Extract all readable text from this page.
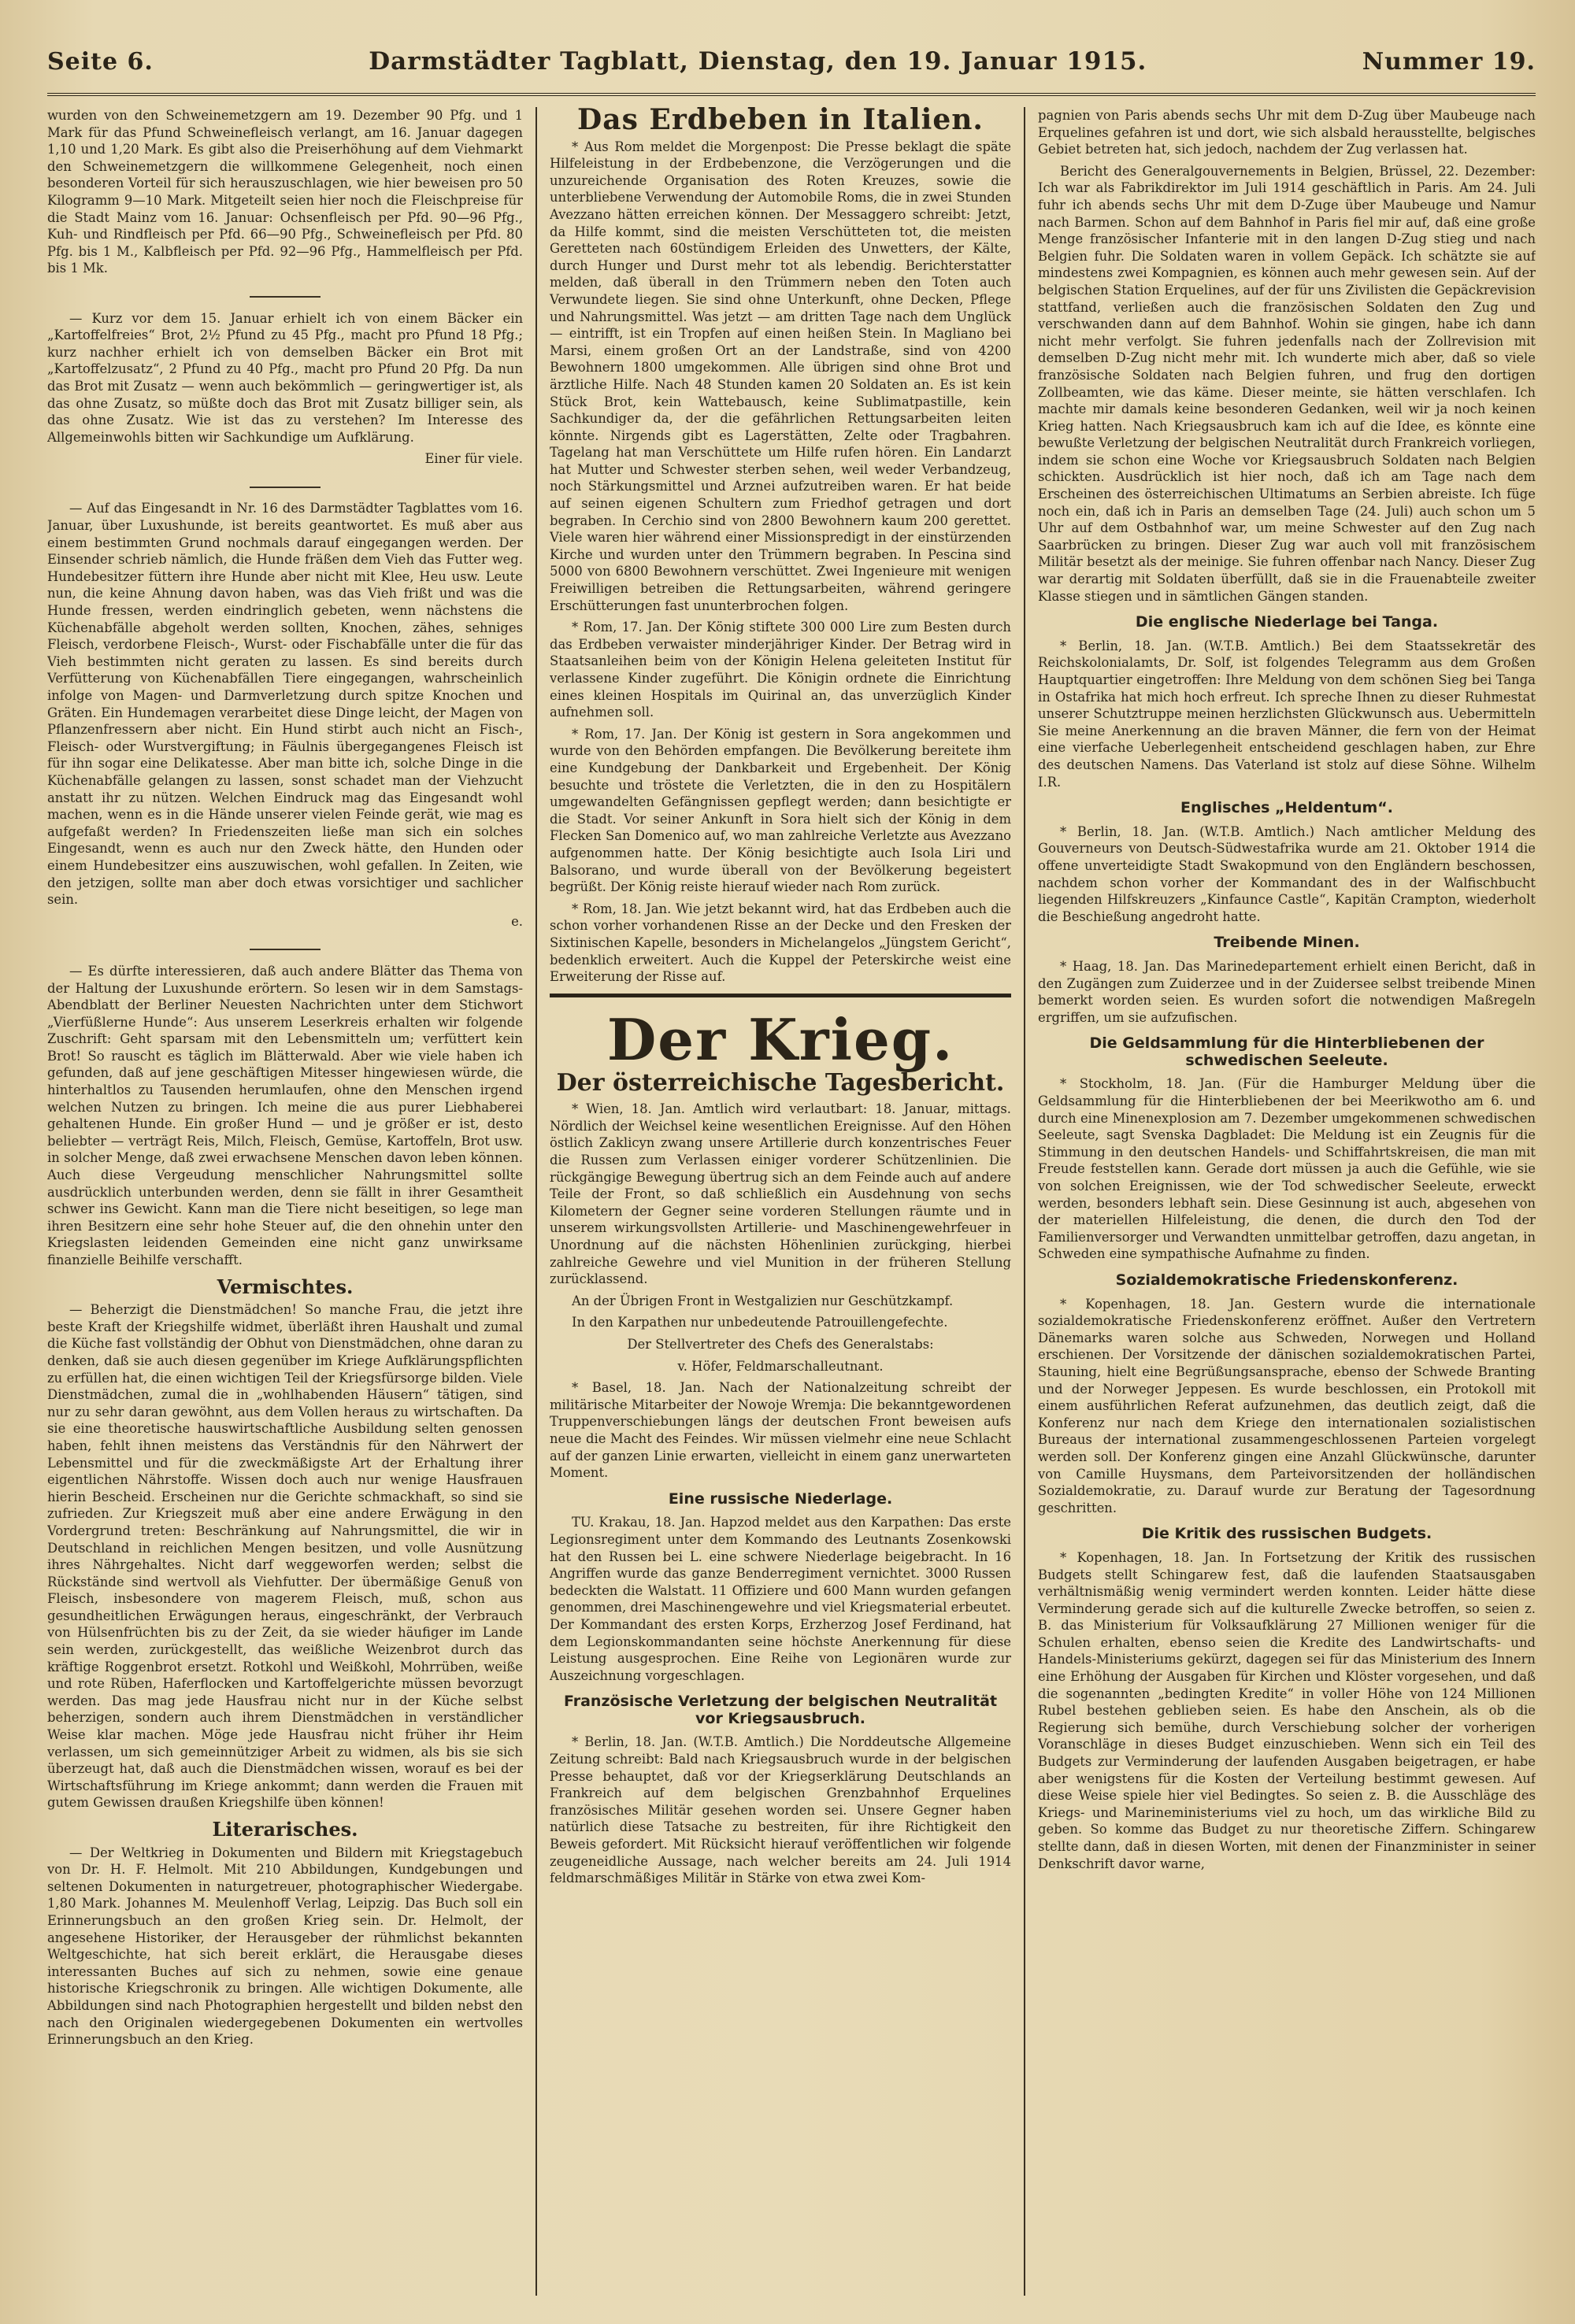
Seite 6.	Darmstädter Tagblatt, Dienstag, den 19. Januar 1915.	Nummer 19.

wurden von den Schweinemetzgern am 19. Dezember 90 Pfg. und 1 Mark für das Pfund Schweinefleisch verlangt, am 16. Januar dagegen 1,10 und 1,20 Mark. Es gibt also die Preiserhöhung auf dem Viehmarkt den Schweinemetzgern die willkommene Gelegenheit, noch einen besonderen Vorteil für sich herauszuschlagen, wie hier beweisen pro 50 Kilogramm 9—10 Mark. Mitgeteilt seien hier noch die Fleischpreise für die Stadt Mainz vom 16. Januar: Ochsenfleisch per Pfd. 90—96 Pfg., Kuh- und Rindfleisch per Pfd. 66—90 Pfg., Schweinefleisch per Pfd. 80 Pfg. bis 1 M., Kalbfleisch per Pfd. 92—96 Pfg., Hammelfleisch per Pfd. bis 1 Mk.

— Kurz vor dem 15. Januar erhielt ich von einem Bäcker ein „Kartoffelfreies“ Brot, 2½ Pfund zu 45 Pfg., macht pro Pfund 18 Pfg.; kurz nachher erhielt ich von demselben Bäcker ein Brot mit „Kartoffelzusatz“, 2 Pfund zu 40 Pfg., macht pro Pfund 20 Pfg. Da nun das Brot mit Zusatz — wenn auch bekömmlich — geringwertiger ist, als das ohne Zusatz, so müßte doch das Brot mit Zusatz billiger sein, als das ohne Zusatz. Wie ist das zu verstehen? Im Interesse des Allgemeinwohls bitten wir Sachkundige um Aufklärung.

Einer für viele.

— Auf das Eingesandt in Nr. 16 des Darmstädter Tagblattes vom 16. Januar, über Luxushunde, ist bereits geantwortet. Es muß aber aus einem bestimmten Grund nochmals darauf eingegangen werden. Der Einsender schrieb nämlich, die Hunde fräßen dem Vieh das Futter weg. Hundebesitzer füttern ihre Hunde aber nicht mit Klee, Heu usw. Leute nun, die keine Ahnung davon haben, was das Vieh frißt und was die Hunde fressen, werden eindringlich gebeten, wenn nächstens die Küchenabfälle abgeholt werden sollten, Knochen, zähes, sehniges Fleisch, verdorbene Fleisch-, Wurst- oder Fischabfälle unter die für das Vieh bestimmten nicht geraten zu lassen. Es sind bereits durch Verfütterung von Küchenabfällen Tiere eingegangen, wahrscheinlich infolge von Magen- und Darmverletzung durch spitze Knochen und Gräten. Ein Hundemagen verarbeitet diese Dinge leicht, der Magen von Pflanzenfressern aber nicht. Ein Hund stirbt auch nicht an Fisch-, Fleisch- oder Wurstvergiftung; in Fäulnis übergegangenes Fleisch ist für ihn sogar eine Delikatesse. Aber man bitte ich, solche Dinge in die Küchenabfälle gelangen zu lassen, sonst schadet man der Viehzucht anstatt ihr zu nützen. Welchen Eindruck mag das Eingesandt wohl machen, wenn es in die Hände unserer vielen Feinde gerät, wie mag es aufgefaßt werden? In Friedenszeiten ließe man sich ein solches Eingesandt, wenn es auch nur den Zweck hätte, den Hunden oder einem Hundebesitzer eins auszuwischen, wohl gefallen. In Zeiten, wie den jetzigen, sollte man aber doch etwas vorsichtiger und sachlicher sein.

e.

— Es dürfte interessieren, daß auch andere Blätter das Thema von der Haltung der Luxushunde erörtern. So lesen wir in dem Samstags-Abendblatt der Berliner Neuesten Nachrichten unter dem Stichwort „Vierfüßlerne Hunde“: Aus unserem Leserkreis erhalten wir folgende Zuschrift: Geht sparsam mit den Lebensmitteln um; verfüttert kein Brot! So rauscht es täglich im Blätterwald. Aber wie viele haben ich gefunden, daß auf jene geschäftigen Mitesser hingewiesen würde, die hinterhaltlos zu Tausenden herumlaufen, ohne den Menschen irgend welchen Nutzen zu bringen. Ich meine die aus purer Liebhaberei gehaltenen Hunde. Ein großer Hund — und je größer er ist, desto beliebter — verträgt Reis, Milch, Fleisch, Gemüse, Kartoffeln, Brot usw. in solcher Menge, daß zwei erwachsene Menschen davon leben können. Auch diese Vergeudung menschlicher Nahrungsmittel sollte ausdrücklich unterbunden werden, denn sie fällt in ihrer Gesamtheit schwer ins Gewicht. Kann man die Tiere nicht beseitigen, so lege man ihren Besitzern eine sehr hohe Steuer auf, die den ohnehin unter den Kriegslasten leidenden Gemeinden eine nicht ganz unwirksame finanzielle Beihilfe verschafft.

Vermischtes.

— Beherzigt die Dienstmädchen! So manche Frau, die jetzt ihre beste Kraft der Kriegshilfe widmet, überläßt ihren Haushalt und zumal die Küche fast vollständig der Obhut von Dienstmädchen, ohne daran zu denken, daß sie auch diesen gegenüber im Kriege Aufklärungspflichten zu erfüllen hat, die einen wichtigen Teil der Kriegsfürsorge bilden. Viele Dienstmädchen, zumal die in „wohlhabenden Häusern“ tätigen, sind nur zu sehr daran gewöhnt, aus dem Vollen heraus zu wirtschaften. Da sie eine theoretische hauswirtschaftliche Ausbildung selten genossen haben, fehlt ihnen meistens das Verständnis für den Nährwert der Lebensmittel und für die zweckmäßigste Art der Erhaltung ihrer eigentlichen Nährstoffe. Wissen doch auch nur wenige Hausfrauen hierin Bescheid. Erscheinen nur die Gerichte schmackhaft, so sind sie zufrieden. Zur Kriegszeit muß aber eine andere Erwägung in den Vordergrund treten: Beschränkung auf Nahrungsmittel, die wir in Deutschland in reichlichen Mengen besitzen, und volle Ausnützung ihres Nährgehaltes. Nicht darf weggeworfen werden; selbst die Rückstände sind wertvoll als Viehfutter. Der übermäßige Genuß von Fleisch, insbesondere von magerem Fleisch, muß, schon aus gesundheitlichen Erwägungen heraus, eingeschränkt, der Verbrauch von Hülsenfrüchten bis zu der Zeit, da sie wieder häufiger im Lande sein werden, zurückgestellt, das weißliche Weizenbrot durch das kräftige Roggenbrot ersetzt. Rotkohl und Weißkohl, Mohrrüben, weiße und rote Rüben, Haferflocken und Kartoffelgerichte müssen bevorzugt werden. Das mag jede Hausfrau nicht nur in der Küche selbst beherzigen, sondern auch ihrem Dienstmädchen in verständlicher Weise klar machen. Möge jede Hausfrau nicht früher ihr Heim verlassen, um sich gemeinnütziger Arbeit zu widmen, als bis sie sich überzeugt hat, daß auch die Dienstmädchen wissen, worauf es bei der Wirtschaftsführung im Kriege ankommt; dann werden die Frauen mit gutem Gewissen draußen Kriegshilfe üben können!

Literarisches.

— Der Weltkrieg in Dokumenten und Bildern mit Kriegstagebuch von Dr. H. F. Helmolt. Mit 210 Abbildungen, Kundgebungen und seltenen Dokumenten in naturgetreuer, photographischer Wiedergabe. 1,80 Mark. Johannes M. Meulenhoff Verlag, Leipzig. Das Buch soll ein Erinnerungsbuch an den großen Krieg sein. Dr. Helmolt, der angesehene Historiker, der Herausgeber der rühmlichst bekannten Weltgeschichte, hat sich bereit erklärt, die Herausgabe dieses interessanten Buches auf sich zu nehmen, sowie eine genaue historische Kriegschronik zu bringen. Alle wichtigen Dokumente, alle Abbildungen sind nach Photographien hergestellt und bilden nebst den nach den Originalen wiedergegebenen Dokumenten ein wertvolles Erinnerungsbuch an den Krieg.

Das Erdbeben in Italien.

* Aus Rom meldet die Morgenpost: Die Presse beklagt die späte Hilfeleistung in der Erdbebenzone, die Verzögerungen und die unzureichende Organisation des Roten Kreuzes, sowie die unterbliebene Verwendung der Automobile Roms, die in zwei Stunden Avezzano hätten erreichen können. Der Messaggero schreibt: Jetzt, da Hilfe kommt, sind die meisten Verschütteten tot, die meisten Geretteten nach 60stündigem Erleiden des Unwetters, der Kälte, durch Hunger und Durst mehr tot als lebendig. Berichterstatter melden, daß überall in den Trümmern neben den Toten auch Verwundete liegen. Sie sind ohne Unterkunft, ohne Decken, Pflege und Nahrungsmittel. Was jetzt — am dritten Tage nach dem Unglück — eintrifft, ist ein Tropfen auf einen heißen Stein. In Magliano bei Marsi, einem großen Ort an der Landstraße, sind von 4200 Bewohnern 1800 umgekommen. Alle übrigen sind ohne Brot und ärztliche Hilfe. Nach 48 Stunden kamen 20 Soldaten an. Es ist kein Stück Brot, kein Wattebausch, keine Sublimatpastille, kein Sachkundiger da, der die gefährlichen Rettungsarbeiten leiten könnte. Nirgends gibt es Lagerstätten, Zelte oder Tragbahren. Tagelang hat man Verschüttete um Hilfe rufen hören. Ein Landarzt hat Mutter und Schwester sterben sehen, weil weder Verbandzeug, noch Stärkungsmittel und Arznei aufzutreiben waren. Er hat beide auf seinen eigenen Schultern zum Friedhof getragen und dort begraben. In Cerchio sind von 2800 Bewohnern kaum 200 gerettet. Viele waren hier während einer Missionspredigt in der einstürzenden Kirche und wurden unter den Trümmern begraben. In Pescina sind 5000 von 6800 Bewohnern verschüttet. Zwei Ingenieure mit wenigen Freiwilligen betreiben die Rettungsarbeiten, während geringere Erschütterungen fast ununterbrochen folgen.

* Rom, 17. Jan. Der König stiftete 300 000 Lire zum Besten durch das Erdbeben verwaister minderjähriger Kinder. Der Betrag wird in Staatsanleihen beim von der Königin Helena geleiteten Institut für verlassene Kinder zugeführt. Die Königin ordnete die Einrichtung eines kleinen Hospitals im Quirinal an, das unverzüglich Kinder aufnehmen soll.

* Rom, 17. Jan. Der König ist gestern in Sora angekommen und wurde von den Behörden empfangen. Die Bevölkerung bereitete ihm eine Kundgebung der Dankbarkeit und Ergebenheit. Der König besuchte und tröstete die Verletzten, die in den zu Hospitälern umgewandelten Gefängnissen gepflegt werden; dann besichtigte er die Stadt. Vor seiner Ankunft in Sora hielt sich der König in dem Flecken San Domenico auf, wo man zahlreiche Verletzte aus Avezzano aufgenommen hatte. Der König besichtigte auch Isola Liri und Balsorano, und wurde überall von der Bevölkerung begeistert begrüßt. Der König reiste hierauf wieder nach Rom zurück.

* Rom, 18. Jan. Wie jetzt bekannt wird, hat das Erdbeben auch die schon vorher vorhandenen Risse an der Decke und den Fresken der Sixtinischen Kapelle, besonders in Michelangelos „Jüngstem Gericht“, bedenklich erweitert. Auch die Kuppel der Peterskirche weist eine Erweiterung der Risse auf.

Der Krieg.
Der österreichische Tagesbericht.

* Wien, 18. Jan. Amtlich wird verlautbart: 18. Januar, mittags. Nördlich der Weichsel keine wesentlichen Ereignisse. Auf den Höhen östlich Zaklicyn zwang unsere Artillerie durch konzentrisches Feuer die Russen zum Verlassen einiger vorderer Schützenlinien. Die rückgängige Bewegung übertrug sich an dem Feinde auch auf andere Teile der Front, so daß schließlich ein Ausdehnung von sechs Kilometern der Gegner seine vorderen Stellungen räumte und in unserem wirkungsvollsten Artillerie- und Maschinengewehrfeuer in Unordnung auf die nächsten Höhenlinien zurückging, hierbei zahlreiche Gewehre und viel Munition in der früheren Stellung zurücklassend.

An der Übrigen Front in Westgalizien nur Geschützkampf.

In den Karpathen nur unbedeutende Patrouillengefechte.

Der Stellvertreter des Chefs des Generalstabs:

v. Höfer, Feldmarschalleutnant.

* Basel, 18. Jan. Nach der Nationalzeitung schreibt der militärische Mitarbeiter der Nowoje Wremja: Die bekanntgewordenen Truppenverschiebungen längs der deutschen Front beweisen aufs neue die Macht des Feindes. Wir müssen vielmehr eine neue Schlacht auf der ganzen Linie erwarten, vielleicht in einem ganz unerwarteten Moment.

Eine russische Niederlage.

TU. Krakau, 18. Jan. Hapzod meldet aus den Karpathen: Das erste Legionsregiment unter dem Kommando des Leutnants Zosenkowski hat den Russen bei L. eine schwere Niederlage beigebracht. In 16 Angriffen wurde das ganze Benderregiment vernichtet. 3000 Russen bedeckten die Walstatt. 11 Offiziere und 600 Mann wurden gefangen genommen, drei Maschinengewehre und viel Kriegsmaterial erbeutet. Der Kommandant des ersten Korps, Erzherzog Josef Ferdinand, hat dem Legionskommandanten seine höchste Anerkennung für diese Leistung ausgesprochen. Eine Reihe von Legionären wurde zur Auszeichnung vorgeschlagen.

Französische Verletzung der belgischen Neutralität vor Kriegsausbruch.

* Berlin, 18. Jan. (W.T.B. Amtlich.) Die Norddeutsche Allgemeine Zeitung schreibt: Bald nach Kriegsausbruch wurde in der belgischen Presse behauptet, daß vor der Kriegserklärung Deutschlands an Frankreich auf dem belgischen Grenzbahnhof Erquelines französisches Militär gesehen worden sei. Unsere Gegner haben natürlich diese Tatsache zu bestreiten, für ihre Richtigkeit den Beweis gefordert. Mit Rücksicht hierauf veröffentlichen wir folgende zeugeneidliche Aussage, nach welcher bereits am 24. Juli 1914 feldmarschmäßiges Militär in Stärke von etwa zwei Kom-

pagnien von Paris abends sechs Uhr mit dem D-Zug über Maubeuge nach Erquelines gefahren ist und dort, wie sich alsbald herausstellte, belgisches Gebiet betreten hat, sich jedoch, nachdem der Zug verlassen hat.

Bericht des Generalgouvernements in Belgien, Brüssel, 22. Dezember: Ich war als Fabrikdirektor im Juli 1914 geschäftlich in Paris. Am 24. Juli fuhr ich abends sechs Uhr mit dem D-Zuge über Maubeuge und Namur nach Barmen. Schon auf dem Bahnhof in Paris fiel mir auf, daß eine große Menge französischer Infanterie mit in den langen D-Zug stieg und nach Belgien fuhr. Die Soldaten waren in vollem Gepäck. Ich schätzte sie auf mindestens zwei Kompagnien, es können auch mehr gewesen sein. Auf der belgischen Station Erquelines, auf der für uns Zivilisten die Gepäckrevision stattfand, verließen auch die französischen Soldaten den Zug und verschwanden dann auf dem Bahnhof. Wohin sie gingen, habe ich dann nicht mehr verfolgt. Sie fuhren jedenfalls nach der Zollrevision mit demselben D-Zug nicht mehr mit. Ich wunderte mich aber, daß so viele französische Soldaten nach Belgien fuhren, und frug den dortigen Zollbeamten, wie das käme. Dieser meinte, sie hätten verschlafen. Ich machte mir damals keine besonderen Gedanken, weil wir ja noch keinen Krieg hatten. Nach Kriegsausbruch kam ich auf die Idee, es könnte eine bewußte Verletzung der belgischen Neutralität durch Frankreich vorliegen, indem sie schon eine Woche vor Kriegsausbruch Soldaten nach Belgien schickten. Ausdrücklich ist hier noch, daß ich am Tage nach dem Erscheinen des österreichischen Ultimatums an Serbien abreiste. Ich füge noch ein, daß ich in Paris an demselben Tage (24. Juli) auch schon um 5 Uhr auf dem Ostbahnhof war, um meine Schwester auf den Zug nach Saarbrücken zu bringen. Dieser Zug war auch voll mit französischem Militär besetzt als der meinige. Sie fuhren offenbar nach Nancy. Dieser Zug war derartig mit Soldaten überfüllt, daß sie in die Frauenabteile zweiter Klasse stiegen und in sämtlichen Gängen standen.

Die englische Niederlage bei Tanga.

* Berlin, 18. Jan. (W.T.B. Amtlich.) Bei dem Staatssekretär des Reichskolonialamts, Dr. Solf, ist folgendes Telegramm aus dem Großen Hauptquartier eingetroffen: Ihre Meldung von dem schönen Sieg bei Tanga in Ostafrika hat mich hoch erfreut. Ich spreche Ihnen zu dieser Ruhmestat unserer Schutztruppe meinen herzlichsten Glückwunsch aus. Uebermitteln Sie meine Anerkennung an die braven Männer, die fern von der Heimat eine vierfache Ueberlegenheit entscheidend geschlagen haben, zur Ehre des deutschen Namens. Das Vaterland ist stolz auf diese Söhne. Wilhelm I.R.

Englisches „Heldentum“.

* Berlin, 18. Jan. (W.T.B. Amtlich.) Nach amtlicher Meldung des Gouverneurs von Deutsch-Südwestafrika wurde am 21. Oktober 1914 die offene unverteidigte Stadt Swakopmund von den Engländern beschossen, nachdem schon vorher der Kommandant des in der Walfischbucht liegenden Hilfskreuzers „Kinfaunce Castle“, Kapitän Crampton, wiederholt die Beschießung angedroht hatte.

Treibende Minen.

* Haag, 18. Jan. Das Marinedepartement erhielt einen Bericht, daß in den Zugängen zum Zuiderzee und in der Zuidersee selbst treibende Minen bemerkt worden seien. Es wurden sofort die notwendigen Maßregeln ergriffen, um sie aufzufischen.

Die Geldsammlung für die Hinterbliebenen der schwedischen Seeleute.

* Stockholm, 18. Jan. (Für die Hamburger Meldung über die Geldsammlung für die Hinterbliebenen der bei Meerikwotho am 6. und durch eine Minenexplosion am 7. Dezember umgekommenen schwedischen Seeleute, sagt Svenska Dagbladet: Die Meldung ist ein Zeugnis für die Stimmung in den deutschen Handels- und Schiffahrtskreisen, die man mit Freude feststellen kann. Gerade dort müssen ja auch die Gefühle, wie sie von solchen Ereignissen, wie der Tod schwedischer Seeleute, erweckt werden, besonders lebhaft sein. Diese Gesinnung ist auch, abgesehen von der materiellen Hilfeleistung, die denen, die durch den Tod der Familienversorger und Verwandten unmittelbar getroffen, dazu angetan, in Schweden eine sympathische Aufnahme zu finden.

Sozialdemokratische Friedenskonferenz.

* Kopenhagen, 18. Jan. Gestern wurde die internationale sozialdemokratische Friedenskonferenz eröffnet. Außer den Vertretern Dänemarks waren solche aus Schweden, Norwegen und Holland erschienen. Der Vorsitzende der dänischen sozialdemokratischen Partei, Stauning, hielt eine Begrüßungsansprache, ebenso der Schwede Branting und der Norweger Jeppesen. Es wurde beschlossen, ein Protokoll mit einem ausführlichen Referat aufzunehmen, das deutlich zeigt, daß die Konferenz nur nach dem Kriege den internationalen sozialistischen Bureaus der international zusammengeschlossenen Parteien vorgelegt werden soll. Der Konferenz gingen eine Anzahl Glückwünsche, darunter von Camille Huysmans, dem Parteivorsitzenden der holländischen Sozialdemokratie, zu. Darauf wurde zur Beratung der Tagesordnung geschritten.

Die Kritik des russischen Budgets.

* Kopenhagen, 18. Jan. In Fortsetzung der Kritik des russischen Budgets stellt Schingarew fest, daß die laufenden Staatsausgaben verhältnismäßig wenig vermindert werden konnten. Leider hätte diese Verminderung gerade sich auf die kulturelle Zwecke betroffen, so seien z. B. das Ministerium für Volksaufklärung 27 Millionen weniger für die Schulen erhalten, ebenso seien die Kredite des Landwirtschafts- und Handels-Ministeriums gekürzt, dagegen sei für das Ministerium des Innern eine Erhöhung der Ausgaben für Kirchen und Klöster vorgesehen, und daß die sogenannten „bedingten Kredite“ in voller Höhe von 124 Millionen Rubel bestehen geblieben seien. Es habe den Anschein, als ob die Regierung sich bemühe, durch Verschiebung solcher der vorherigen Voranschläge in dieses Budget einzuschieben. Wenn sich ein Teil des Budgets zur Verminderung der laufenden Ausgaben beigetragen, er habe aber wenigstens für die Kosten der Verteilung bestimmt gewesen. Auf diese Weise spiele hier viel Bedingtes. So seien z. B. die Ausschläge des Kriegs- und Marineministeriums viel zu hoch, um das wirkliche Bild zu geben. So komme das Budget zu nur theoretische Ziffern. Schingarew stellte dann, daß in diesen Worten, mit denen der Finanzminister in seiner Denkschrift davor warne,
